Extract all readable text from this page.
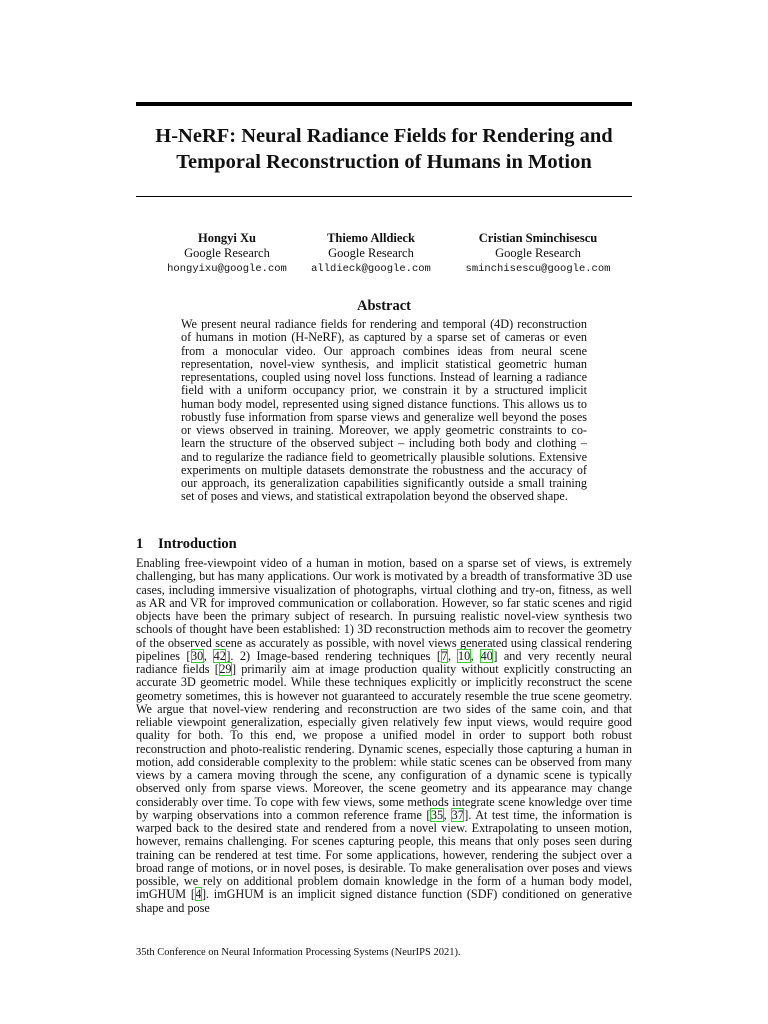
H-NeRF: Neural Radiance Fields for Rendering and Temporal Reconstruction of Humans in Motion
Hongyi Xu
Google Research
hongyixu@google.com
Thiemo Alldieck
Google Research
alldieck@google.com
Cristian Sminchisescu
Google Research
sminchisescu@google.com
Abstract
We present neural radiance fields for rendering and temporal (4D) reconstruction of humans in motion (H-NeRF), as captured by a sparse set of cameras or even from a monocular video. Our approach combines ideas from neural scene representation, novel-view synthesis, and implicit statistical geometric human representations, coupled using novel loss functions. Instead of learning a radiance field with a uniform occupancy prior, we constrain it by a structured implicit human body model, represented using signed distance functions. This allows us to robustly fuse information from sparse views and generalize well beyond the poses or views observed in training. Moreover, we apply geometric constraints to co-learn the structure of the observed subject – including both body and clothing – and to regularize the radiance field to geometrically plausible solutions. Extensive experiments on multiple datasets demonstrate the robustness and the accuracy of our approach, its generalization capabilities significantly outside a small training set of poses and views, and statistical extrapolation beyond the observed shape.
1 Introduction
Enabling free-viewpoint video of a human in motion, based on a sparse set of views, is extremely challenging, but has many applications. Our work is motivated by a breadth of transformative 3D use cases, including immersive visualization of photographs, virtual clothing and try-on, fitness, as well as AR and VR for improved communication or collaboration. However, so far static scenes and rigid objects have been the primary subject of research. In pursuing realistic novel-view synthesis two schools of thought have been established: 1) 3D reconstruction methods aim to recover the geometry of the observed scene as accurately as possible, with novel views generated using classical rendering pipelines [30, 42]. 2) Image-based rendering techniques [7, 10, 40] and very recently neural radiance fields [29] primarily aim at image production quality without explicitly constructing an accurate 3D geometric model. While these techniques explicitly or implicitly reconstruct the scene geometry sometimes, this is however not guaranteed to accurately resemble the true scene geometry. We argue that novel-view rendering and reconstruction are two sides of the same coin, and that reliable viewpoint generalization, especially given relatively few input views, would require good quality for both. To this end, we propose a unified model in order to support both robust reconstruction and photo-realistic rendering. Dynamic scenes, especially those capturing a human in motion, add considerable complexity to the problem: while static scenes can be observed from many views by a camera moving through the scene, any configuration of a dynamic scene is typically observed only from sparse views. Moreover, the scene geometry and its appearance may change considerably over time. To cope with few views, some methods integrate scene knowledge over time by warping observations into a common reference frame [35, 37]. At test time, the information is warped back to the desired state and rendered from a novel view. Extrapolating to unseen motion, however, remains challenging. For scenes capturing people, this means that only poses seen during training can be rendered at test time. For some applications, however, rendering the subject over a broad range of motions, or in novel poses, is desirable. To make generalisation over poses and views possible, we rely on additional problem domain knowledge in the form of a human body model, imGHUM [4]. imGHUM is an implicit signed distance function (SDF) conditioned on generative shape and pose
35th Conference on Neural Information Processing Systems (NeurIPS 2021).
